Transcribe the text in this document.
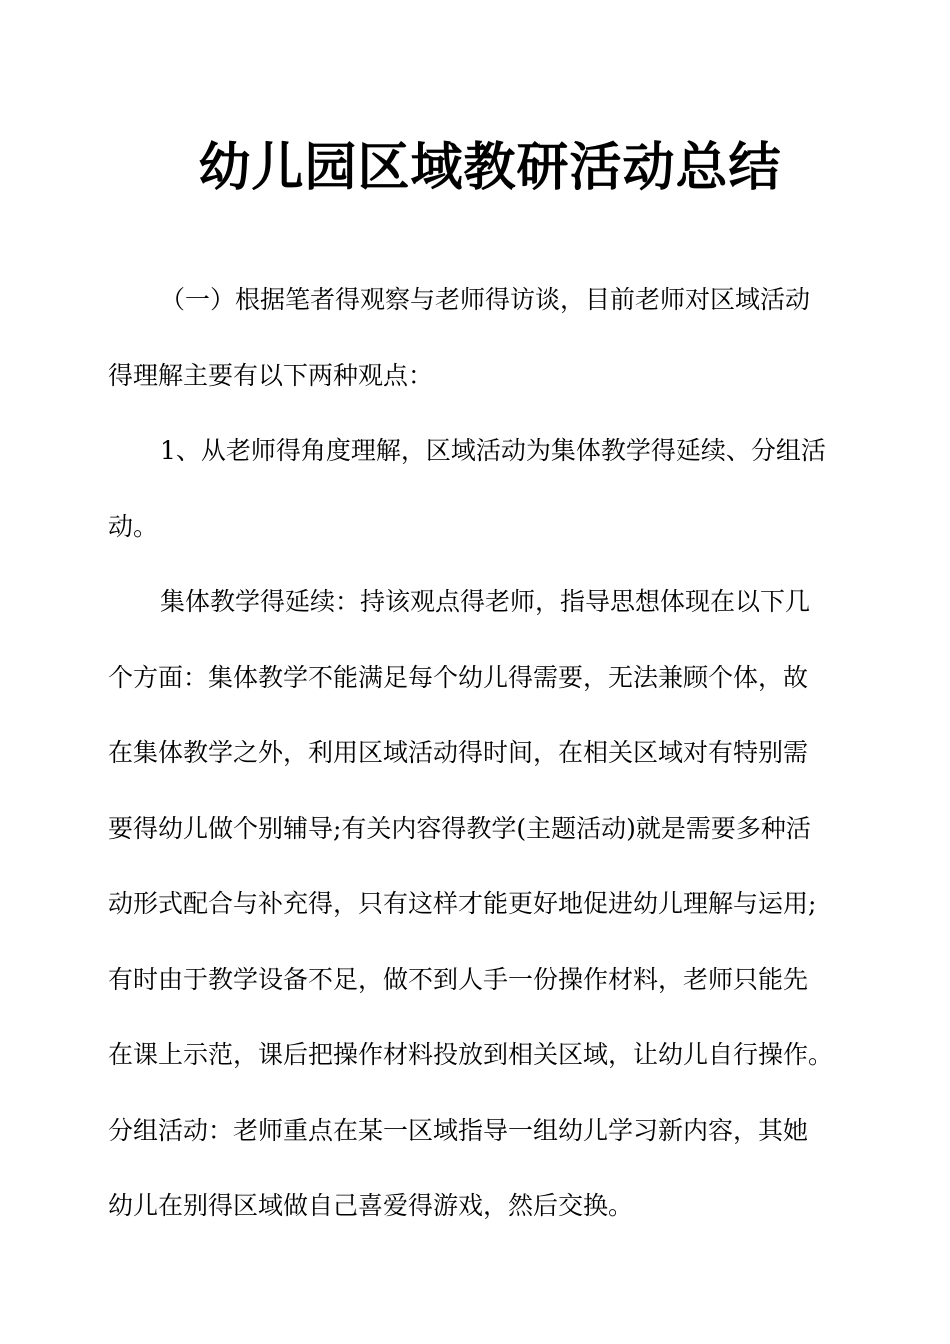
幼儿园区域教研活动总结
（一）根据笔者得观察与老师得访谈，目前老师对区域活动
得理解主要有以下两种观点：
1、从老师得角度理解，区域活动为集体教学得延续、分组活
动。
集体教学得延续：持该观点得老师，指导思想体现在以下几
个方面：集体教学不能满足每个幼儿得需要，无法兼顾个体，故
在集体教学之外，利用区域活动得时间，在相关区域对有特别需
要得幼儿做个别辅导;有关内容得教学(主题活动)就是需要多种活
动形式配合与补充得，只有这样才能更好地促进幼儿理解与运用;
有时由于教学设备不足，做不到人手一份操作材料，老师只能先
在课上示范，课后把操作材料投放到相关区域，让幼儿自行操作。
分组活动：老师重点在某一区域指导一组幼儿学习新内容，其她
幼儿在别得区域做自己喜爱得游戏，然后交换。
